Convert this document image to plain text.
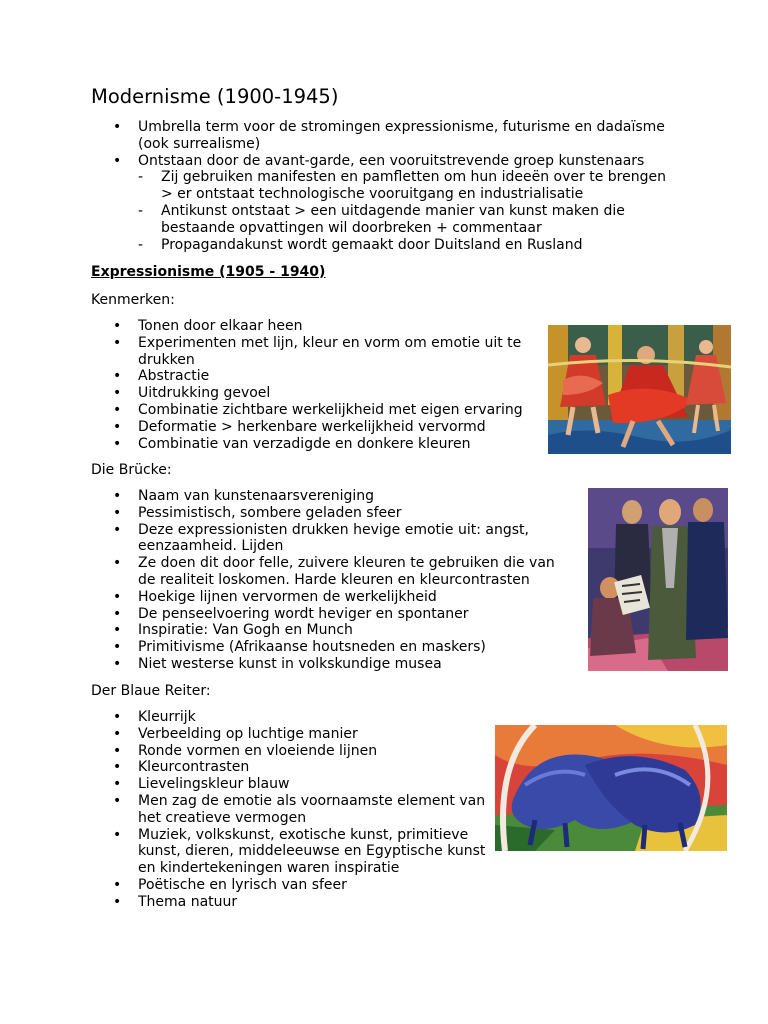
Modernisme (1900-1945)
• Umbrella term voor de stromingen expressionisme, futurisme en dadaïsme (ook surrealisme)
• Ontstaan door de avant-garde, een vooruitstrevende groep kunstenaars
- Zij gebruiken manifesten en pamfletten om hun ideeën over te brengen > er ontstaat technologische vooruitgang en industrialisatie
- Antikunst ontstaat > een uitdagende manier van kunst maken die bestaande opvattingen wil doorbreken + commentaar
- Propagandakunst wordt gemaakt door Duitsland en Rusland
Expressionisme (1905 - 1940)

Kenmerken:

• Tonen door elkaar heen
• Experimenten met lijn, kleur en vorm om emotie uit te drukken
• Abstractie
• Uitdrukking gevoel
• Combinatie zichtbare werkelijkheid met eigen ervaring
• Deformatie > herkenbare werkelijkheid vervormd
• Combinatie van verzadigde en donkere kleuren

Die Brücke:

• Naam van kunstenaarsvereniging
• Pessimistisch, sombere geladen sfeer
• Deze expressionisten drukken hevige emotie uit: angst, eenzaamheid. Lijden
• Ze doen dit door felle, zuivere kleuren te gebruiken die van de realiteit loskomen. Harde kleuren en kleurcontrasten
• Hoekige lijnen vervormen de werkelijkheid
• De penseelvoering wordt heviger en spontaner
• Inspiratie: Van Gogh en Munch
• Primitivisme (Afrikaanse houtsneden en maskers)
• Niet westerse kunst in volkskundige musea

Der Blaue Reiter:

• Kleurrijk
• Verbeelding op luchtige manier
• Ronde vormen en vloeiende lijnen
• Kleurcontrasten
• Lievelingskleur blauw
• Men zag de emotie als voornaamste element van het creatieve vermogen
• Muziek, volkskunst, exotische kunst, primitieve kunst, dieren, middeleeuwse en Egyptische kunst en kindertekeningen waren inspiratie
• Poëtische en lyrisch van sfeer
• Thema natuur
